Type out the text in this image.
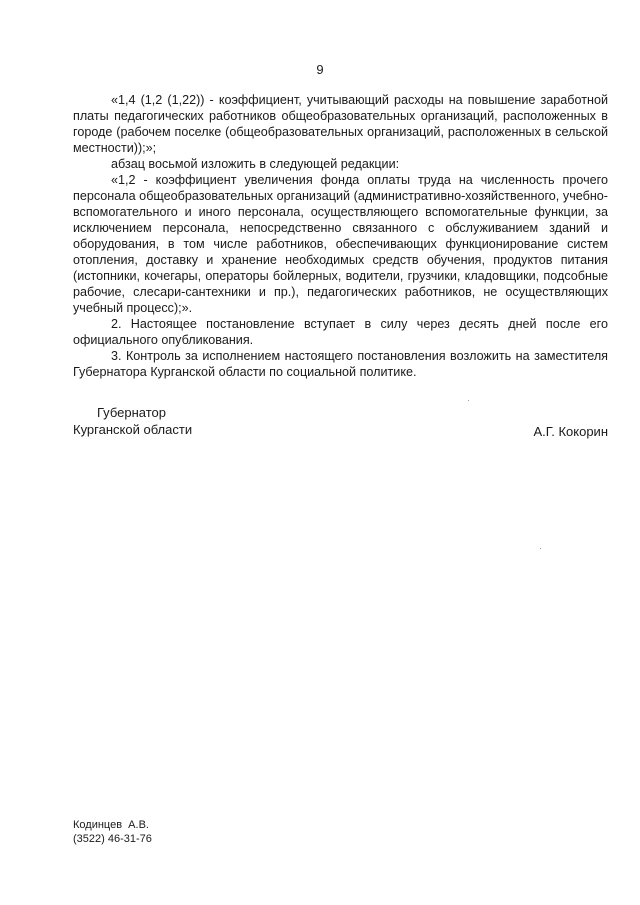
9

«1,4 (1,2 (1,22)) - коэффициент, учитывающий расходы на повышение заработной платы педагогических работников общеобразовательных организаций, расположенных в городе (рабочем поселке (общеобразовательных организаций, расположенных в сельской местности));»;

абзац восьмой изложить в следующей редакции:

«1,2 - коэффициент увеличения фонда оплаты труда на численность прочего персонала общеобразовательных организаций (административно-хозяйственного, учебно-вспомогательного и иного персонала, осуществляющего вспомогательные функции, за исключением персонала, непосредственно связанного с обслуживанием зданий и оборудования, в том числе работников, обеспечивающих функционирование систем отопления, доставку и хранение необходимых средств обучения, продуктов питания (истопники, кочегары, операторы бойлерных, водители, грузчики, кладовщики, подсобные рабочие, слесари-сантехники и пр.), педагогических работников, не осуществляющих учебный процесс);».

2. Настоящее постановление вступает в силу через десять дней после его официального опубликования.

3. Контроль за исполнением настоящего постановления возложить на заместителя Губернатора Курганской области по социальной политике.

Губернатор
Курганской области	А.Г. Кокорин
Кодинцев  А.В.
(3522) 46-31-76
